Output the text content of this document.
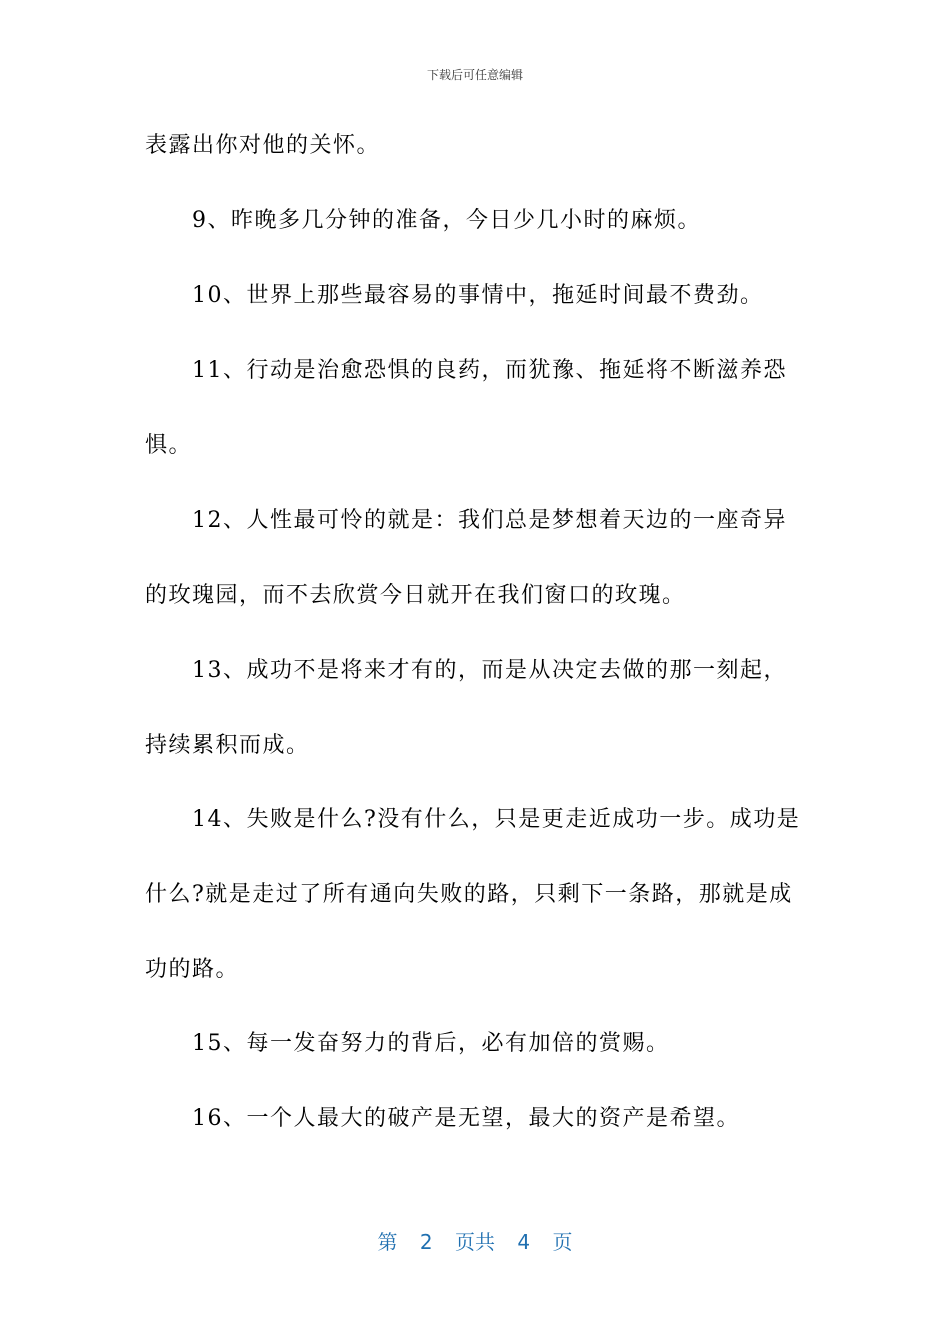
下载后可任意编辑
表露出你对他的关怀。
9、昨晚多几分钟的准备，今日少几小时的麻烦。
10、世界上那些最容易的事情中，拖延时间最不费劲。
11、行动是治愈恐惧的良药，而犹豫、拖延将不断滋养恐
惧。
12、人性最可怜的就是：我们总是梦想着天边的一座奇异
的玫瑰园，而不去欣赏今日就开在我们窗口的玫瑰。
13、成功不是将来才有的，而是从决定去做的那一刻起，
持续累积而成。
14、失败是什么?没有什么，只是更走近成功一步。成功是
什么?就是走过了所有通向失败的路，只剩下一条路，那就是成
功的路。
15、每一发奋努力的背后，必有加倍的赏赐。
16、一个人最大的破产是无望，最大的资产是希望。
第 2 页共 4 页
